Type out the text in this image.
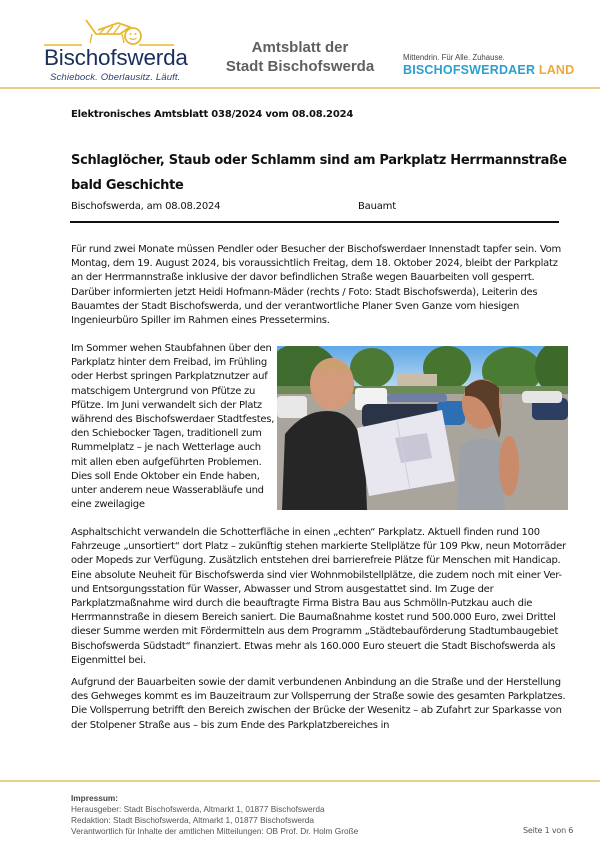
Bischofswerda
Schiebock. Oberlausitz. Läuft.
Amtsblatt der
Stadt Bischofswerda
Mittendrin. Für Alle. Zuhause.
BISCHOFSWERDAER LAND
Elektronisches Amtsblatt 038/2024 vom 08.08.2024
Schlaglöcher, Staub oder Schlamm sind am Parkplatz Herrmannstraße bald Geschichte
Bischofswerda, am 08.08.2024	Bauamt
Für rund zwei Monate müssen Pendler oder Besucher der Bischofswerdaer Innenstadt tapfer sein. Vom Montag, dem 19. August 2024, bis voraussichtlich Freitag, dem 18. Oktober 2024, bleibt der Parkplatz an der Herrmannstraße inklusive der davor befindlichen Straße wegen Bauarbeiten voll gesperrt. Darüber informierten jetzt Heidi Hofmann-Mäder (rechts / Foto: Stadt Bischofswerda), Leiterin des Bauamtes der Stadt Bischofswerda, und der verantwortliche Planer Sven Ganze vom hiesigen Ingenieurbüro Spiller im Rahmen eines Pressetermins.
Im Sommer wehen Staubfahnen über den Parkplatz hinter dem Freibad, im Frühling oder Herbst springen Parkplatznutzer auf matschigem Untergrund von Pfütze zu Pfütze. Im Juni verwandelt sich der Platz während des Bischofswerdaer Stadtfestes, den Schiebocker Tagen, traditionell zum Rummelplatz – je nach Wetterlage auch mit allen eben aufgeführten Problemen. Dies soll Ende Oktober ein Ende haben, unter anderem neue Wasserabläufe und eine zweilagige
Asphaltschicht verwandeln die Schotterfläche in einen „echten“ Parkplatz. Aktuell finden rund 100 Fahrzeuge „unsortiert“ dort Platz – zukünftig stehen markierte Stellplätze für 109 Pkw, neun Motorräder oder Mopeds zur Verfügung. Zusätzlich entstehen drei barrierefreie Plätze für Menschen mit Handicap. Eine absolute Neuheit für Bischofswerda sind vier Wohnmobilstellplätze, die zudem noch mit einer Ver- und Entsorgungsstation für Wasser, Abwasser und Strom ausgestattet sind. Im Zuge der Parkplatzmaßnahme wird durch die beauftragte Firma Bistra Bau aus Schmölln-Putzkau auch die Herrmannstraße in diesem Bereich saniert. Die Baumaßnahme kostet rund 500.000 Euro, zwei Drittel dieser Summe werden mit Fördermitteln aus dem Programm „Städtebauförderung Stadtumbaugebiet Bischofswerda Südstadt“ finanziert. Etwas mehr als 160.000 Euro steuert die Stadt Bischofswerda als Eigenmittel bei.
Aufgrund der Bauarbeiten sowie der damit verbundenen Anbindung an die Straße und der Herstellung des Gehweges kommt es im Bauzeitraum zur Vollsperrung der Straße sowie des gesamten Parkplatzes. Die Vollsperrung betrifft den Bereich zwischen der Brücke der Wesenitz – ab Zufahrt zur Sparkasse von der Stolpener Straße aus – bis zum Ende des Parkplatzbereiches in
Impressum:
Herausgeber: Stadt Bischofswerda, Altmarkt 1, 01877 Bischofswerda
Redaktion: Stadt Bischofswerda, Altmarkt 1, 01877 Bischofswerda
Verantwortlich für Inhalte der amtlichen Mitteilungen: OB Prof. Dr. Holm Große	Seite 1 von 6
